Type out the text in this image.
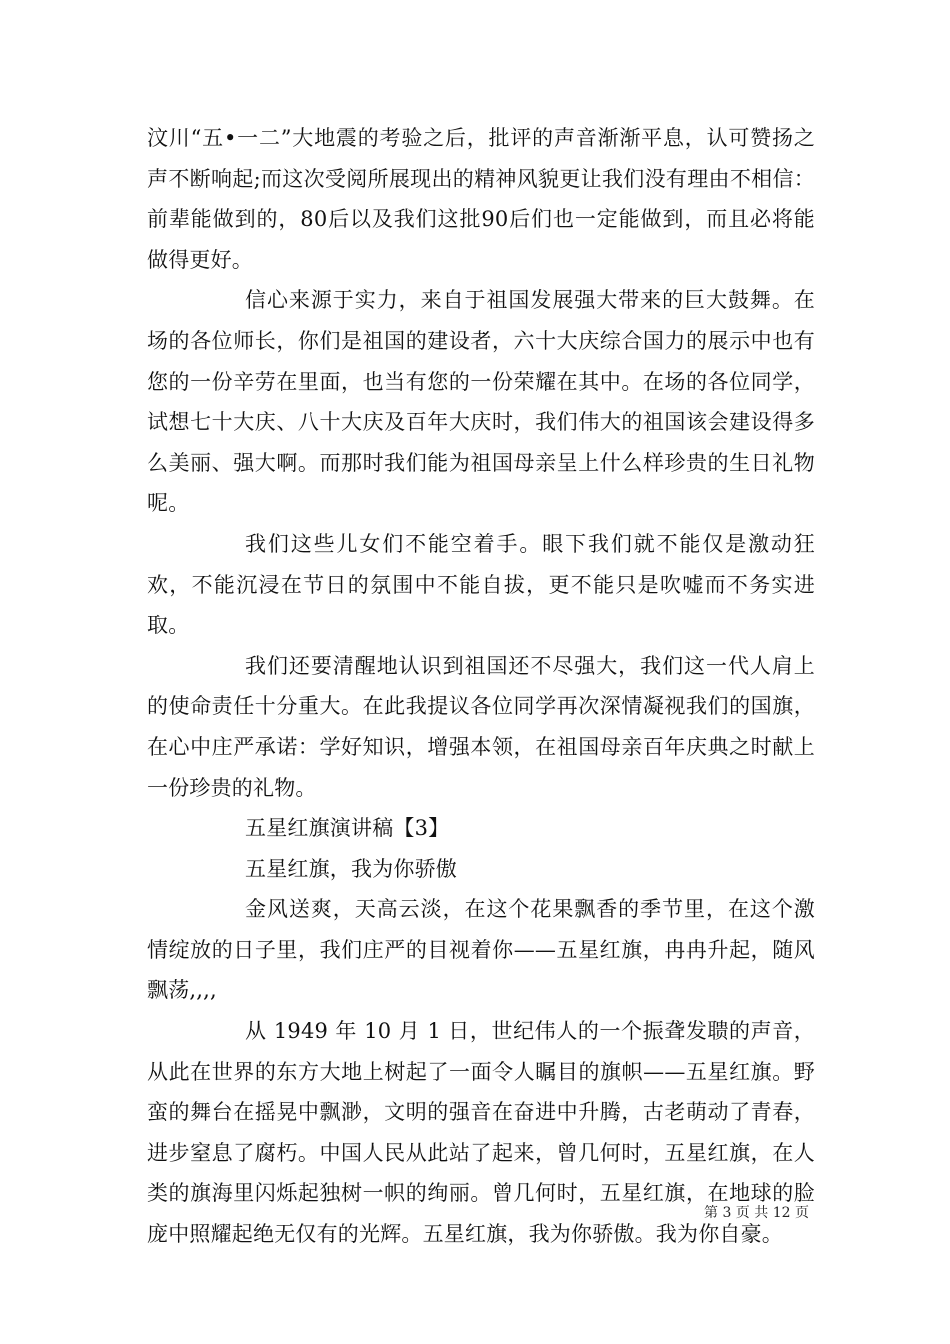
汶川“五•一二”大地震的考验之后，批评的声音渐渐平息，认可赞扬之声不断响起;而这次受阅所展现出的精神风貌更让我们没有理由不相信：前辈能做到的，80后以及我们这批90后们也一定能做到，而且必将能做得更好。

信心来源于实力，来自于祖国发展强大带来的巨大鼓舞。在场的各位师长，你们是祖国的建设者，六十大庆综合国力的展示中也有您的一份辛劳在里面，也当有您的一份荣耀在其中。在场的各位同学，试想七十大庆、八十大庆及百年大庆时，我们伟大的祖国该会建设得多么美丽、强大啊。而那时我们能为祖国母亲呈上什么样珍贵的生日礼物呢。

我们这些儿女们不能空着手。眼下我们就不能仅是激动狂欢，不能沉浸在节日的氛围中不能自拔，更不能只是吹嘘而不务实进取。

我们还要清醒地认识到祖国还不尽强大，我们这一代人肩上的使命责任十分重大。在此我提议各位同学再次深情凝视我们的国旗，在心中庄严承诺：学好知识，增强本领，在祖国母亲百年庆典之时献上一份珍贵的礼物。

五星红旗演讲稿【3】

五星红旗，我为你骄傲

金风送爽，天高云淡，在这个花果飘香的季节里，在这个激情绽放的日子里，我们庄严的目视着你——五星红旗，冉冉升起，随风飘荡,,,,

从 1949 年 10 月 1 日，世纪伟人的一个振聋发聩的声音，从此在世界的东方大地上树起了一面令人瞩目的旗帜——五星红旗。野蛮的舞台在摇晃中飘渺，文明的强音在奋进中升腾，古老萌动了青春，进步窒息了腐朽。中国人民从此站了起来，曾几何时，五星红旗，在人类的旗海里闪烁起独树一帜的绚丽。曾几何时，五星红旗，在地球的脸庞中照耀起绝无仅有的光辉。五星红旗，我为你骄傲。我为你自豪。

第 3 页 共 12 页
